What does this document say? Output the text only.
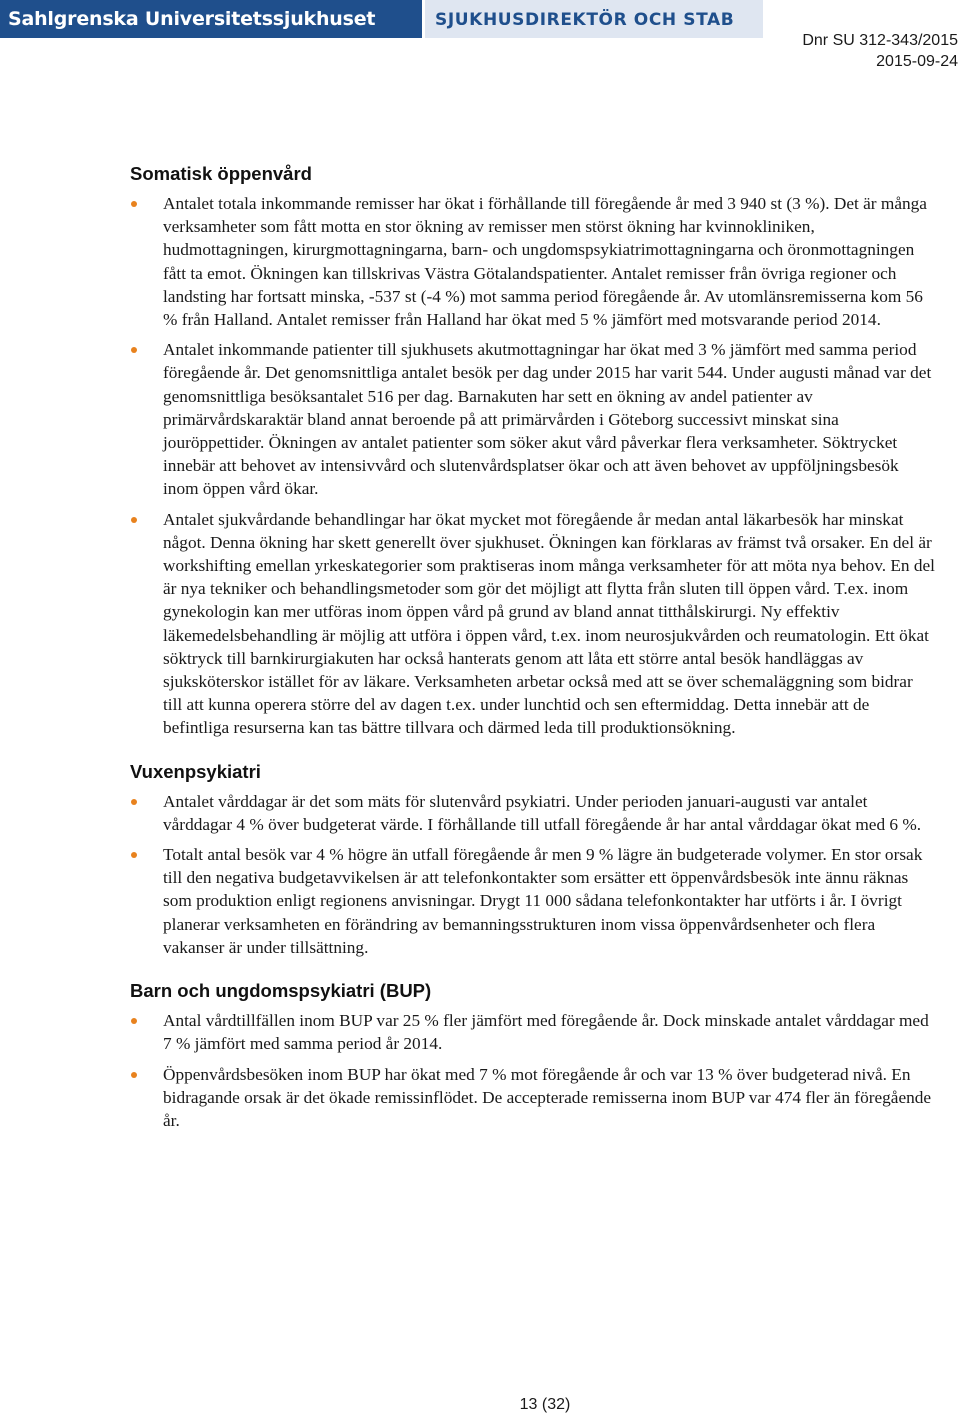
Sahlgrenska Universitetssjukhuset	SJUKHUSDIREKTÖR OCH STAB
Dnr SU 312-343/2015
2015-09-24
Somatisk öppenvård
Antalet totala inkommande remisser har ökat i förhållande till föregående år med 3 940 st (3 %). Det är många verksamheter som fått motta en stor ökning av remisser men störst ökning har kvinnokliniken, hudmottagningen, kirurgmottagningarna, barn- och ungdomspsykiatrimottagningarna och öronmottagningen fått ta emot. Ökningen kan tillskrivas Västra Götalandspatienter. Antalet remisser från övriga regioner och landsting har fortsatt minska, -537 st (-4 %) mot samma period föregående år. Av utomlänsremisserna kom 56 % från Halland. Antalet remisser från Halland har ökat med 5 % jämfört med motsvarande period 2014.
Antalet inkommande patienter till sjukhusets akutmottagningar har ökat med 3 % jämfört med samma period föregående år. Det genomsnittliga antalet besök per dag under 2015 har varit 544. Under augusti månad var det genomsnittliga besöksantalet 516 per dag. Barnakuten har sett en ökning av andel patienter av primärvårdskaraktär bland annat beroende på att primärvården i Göteborg successivt minskat sina jouröppettider. Ökningen av antalet patienter som söker akut vård påverkar flera verksamheter. Söktrycket innebär att behovet av intensivvård och slutenvårdsplatser ökar och att även behovet av uppföljningsbesök inom öppen vård ökar.
Antalet sjukvårdande behandlingar har ökat mycket mot föregående år medan antal läkarbesök har minskat något. Denna ökning har skett generellt över sjukhuset. Ökningen kan förklaras av främst två orsaker. En del är workshifting emellan yrkeskategorier som praktiseras inom många verksamheter för att möta nya behov. En del är nya tekniker och behandlingsmetoder som gör det möjligt att flytta från sluten till öppen vård. T.ex. inom gynekologin kan mer utföras inom öppen vård på grund av bland annat titthålskirurgi. Ny effektiv läkemedelsbehandling är möjlig att utföra i öppen vård, t.ex. inom neurosjukvården och reumatologin. Ett ökat söktryck till barnkirurgiakuten har också hanterats genom att låta ett större antal besök handläggas av sjuksköterskor istället för av läkare. Verksamheten arbetar också med att se över schemaläggning som bidrar till att kunna operera större del av dagen t.ex. under lunchtid och sen eftermiddag. Detta innebär att de befintliga resurserna kan tas bättre tillvara och därmed leda till produktionsökning.
Vuxenpsykiatri
Antalet vårddagar är det som mäts för slutenvård psykiatri. Under perioden januari-augusti var antalet vårddagar 4 % över budgeterat värde. I förhållande till utfall föregående år har antal vårddagar ökat med 6 %.
Totalt antal besök var 4 % högre än utfall föregående år men 9 % lägre än budgeterade volymer. En stor orsak till den negativa budgetavvikelsen är att telefonkontakter som ersätter ett öppenvårdsbesök inte ännu räknas som produktion enligt regionens anvisningar. Drygt 11 000 sådana telefonkontakter har utförts i år. I övrigt planerar verksamheten en förändring av bemanningsstrukturen inom vissa öppenvårdsenheter och flera vakanser är under tillsättning.
Barn och ungdomspsykiatri (BUP)
Antal vårdtillfällen inom BUP var 25 % fler jämfört med föregående år. Dock minskade antalet vårddagar med 7 % jämfört med samma period år 2014.
Öppenvårdsbesöken inom BUP har ökat med 7 % mot föregående år och var 13 % över budgeterad nivå. En bidragande orsak är det ökade remissinflödet. De accepterade remisserna inom BUP var 474 fler än föregående år.
13 (32)
